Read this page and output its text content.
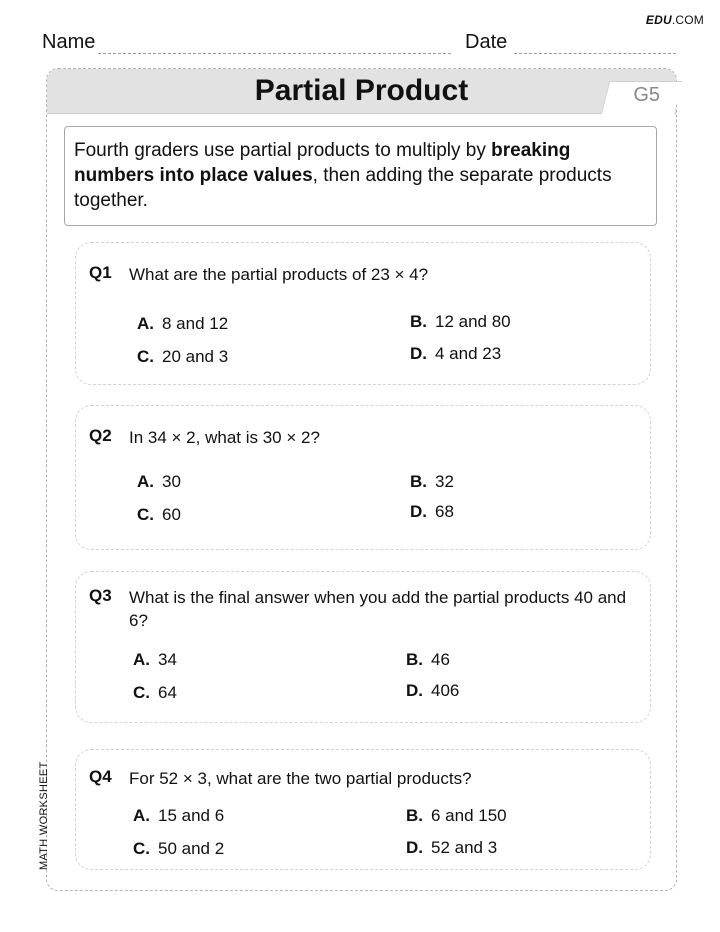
EDU.COM
Name	Date
Partial Product	G5
Fourth graders use partial products to multiply by breaking numbers into place values, then adding the separate products together.
Q1 What are the partial products of 23 × 4?
A. 8 and 12	B. 12 and 80
C. 20 and 3	D. 4 and 23
Q2 In 34 × 2, what is 30 × 2?
A. 30	B. 32
C. 60	D. 68
Q3 What is the final answer when you add the partial products 40 and 6?
A. 34	B. 46
C. 64	D. 406
Q4 For 52 × 3, what are the two partial products?
A. 15 and 6	B. 6 and 150
C. 50 and 2	D. 52 and 3
MATH WORKSHEET
